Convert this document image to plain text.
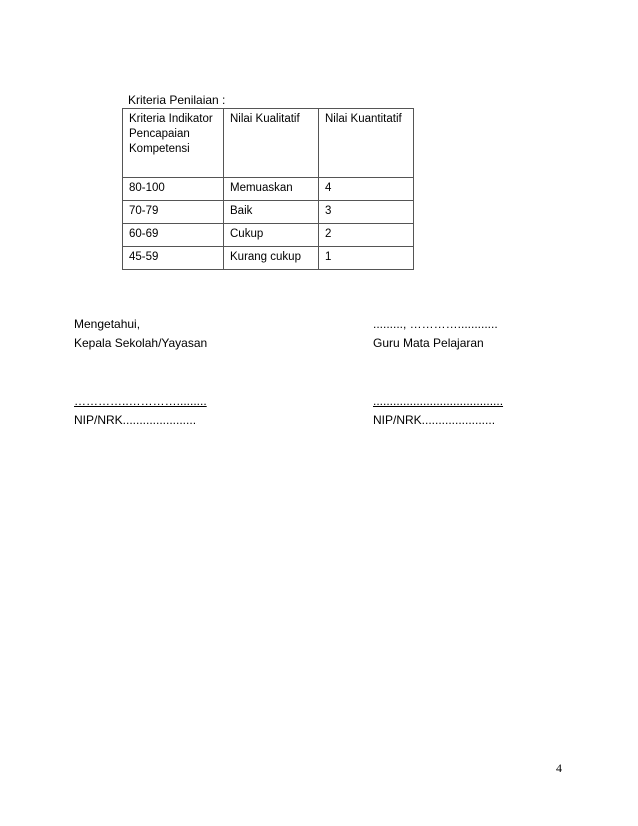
Kriteria Penilaian :
Kriteria Indikator Pencapaian Kompetensi	Nilai Kualitatif	Nilai Kuantitatif
80-100	Memuaskan	4
70-79	Baik	3
60-69	Cukup	2
45-59	Kurang cukup	1
Mengetahui,
Kepala Sekolah/Yayasan
........., …………............
Guru Mata Pelajaran
…………..………….........
NIP/NRK......................
.......................................
NIP/NRK......................
4
